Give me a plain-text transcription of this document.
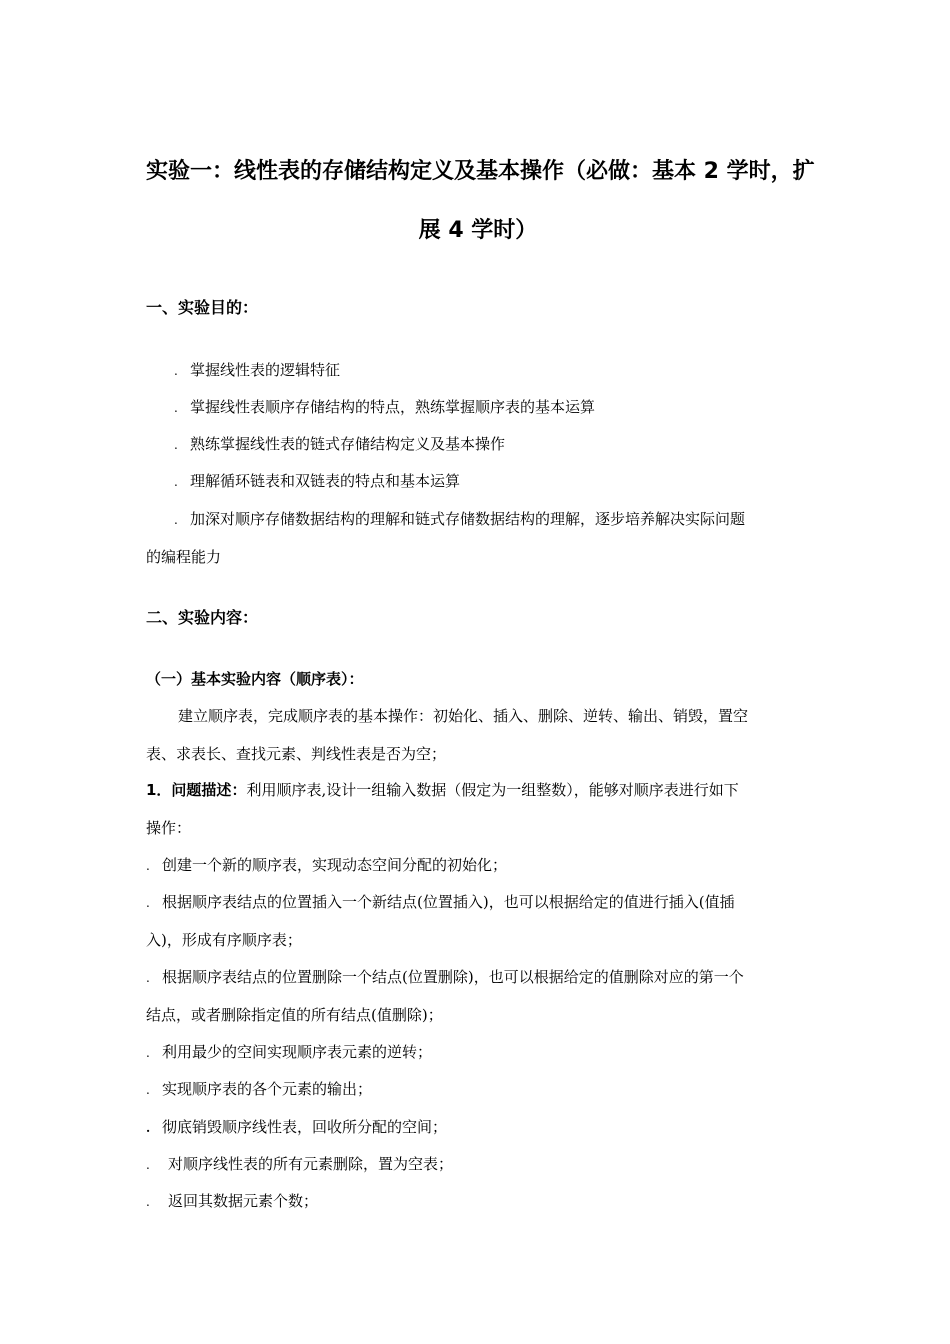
实验一：线性表的存储结构定义及基本操作（必做：基本 2 学时，扩
展 4 学时）
一、实验目的：
. 掌握线性表的逻辑特征
. 掌握线性表顺序存储结构的特点，熟练掌握顺序表的基本运算
. 熟练掌握线性表的链式存储结构定义及基本操作
. 理解循环链表和双链表的特点和基本运算
. 加深对顺序存储数据结构的理解和链式存储数据结构的理解，逐步培养解决实际问题
的编程能力
二、实验内容：
（一）基本实验内容（顺序表）：
建立顺序表，完成顺序表的基本操作：初始化、插入、删除、逆转、输出、销毁，置空
表、求表长、查找元素、判线性表是否为空；
1．问题描述：利用顺序表,设计一组输入数据（假定为一组整数），能够对顺序表进行如下
操作：
. 创建一个新的顺序表，实现动态空间分配的初始化；
. 根据顺序表结点的位置插入一个新结点(位置插入)，也可以根据给定的值进行插入(值插
入)，形成有序顺序表；
. 根据顺序表结点的位置删除一个结点(位置删除)，也可以根据给定的值删除对应的第一个
结点，或者删除指定值的所有结点(值删除)；
. 利用最少的空间实现顺序表元素的逆转；
. 实现顺序表的各个元素的输出；
. 彻底销毁顺序线性表，回收所分配的空间；
. 对顺序线性表的所有元素删除，置为空表；
. 返回其数据元素个数；
